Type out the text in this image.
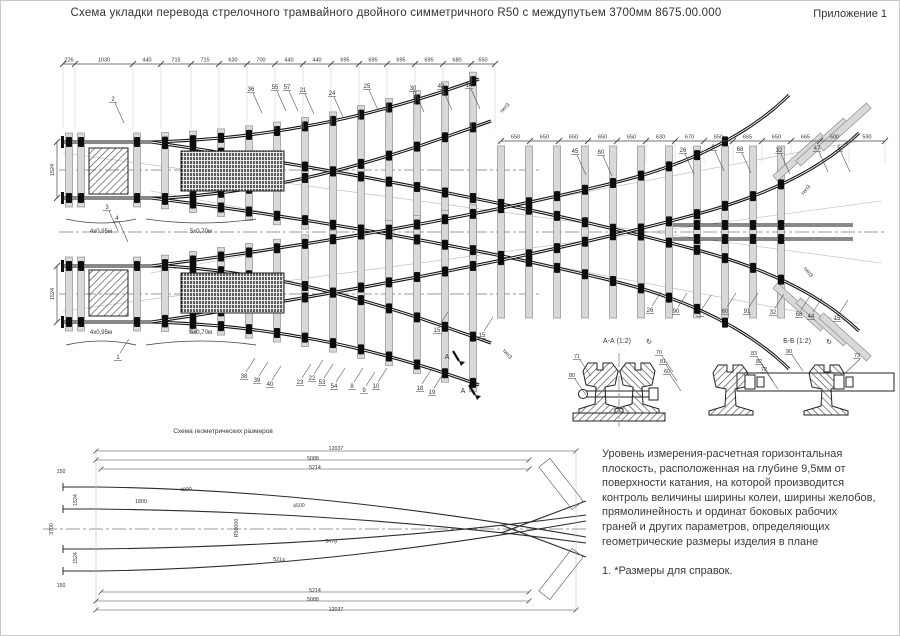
Схема укладки перевода стрелочного трамвайного двойного симметричного R50 с междупутьем 3700мм 8675.00.000	Приложение 1
226	1030	440	715	715	630	700	440	440	695	695	695	695	680	650
650	650	650	650	650	630	670	650	665	650	665	500	590
1524
1524
4х0,95м	5х0,70м
4х0,95м	5х0,70м
2
36	55 57 21	24
25	30	43	14
3
4
45	60	26	6	68	32	47	5
1
38
39
40	23
22
53
54 8
9
10	18
19
15
15
26	90	7	60	91	32	68 44	15
тип3
тип3
тип3
тип3
А
А
А-А (1:2) ↻	Б-Б (1:2) ↻
71
80
70
81
60
83
82
72
90
73
Схема геометрических размеров
12037
5088
5214
4800
1800
4500
5479
5214
1524
1524
R50000
3700
150
150
5214
5088
12037
Уровень измерения-расчетная горизонтальная
плоскость, расположенная на глубине 9,5мм от
поверхности катания, на которой производится
контроль величины ширины колеи, ширины желобов,
прямолинейность и ординат боковых рабочих
граней и других параметров, определяющих
геометрические размеры изделия в плане
1. *Размеры для справок.
